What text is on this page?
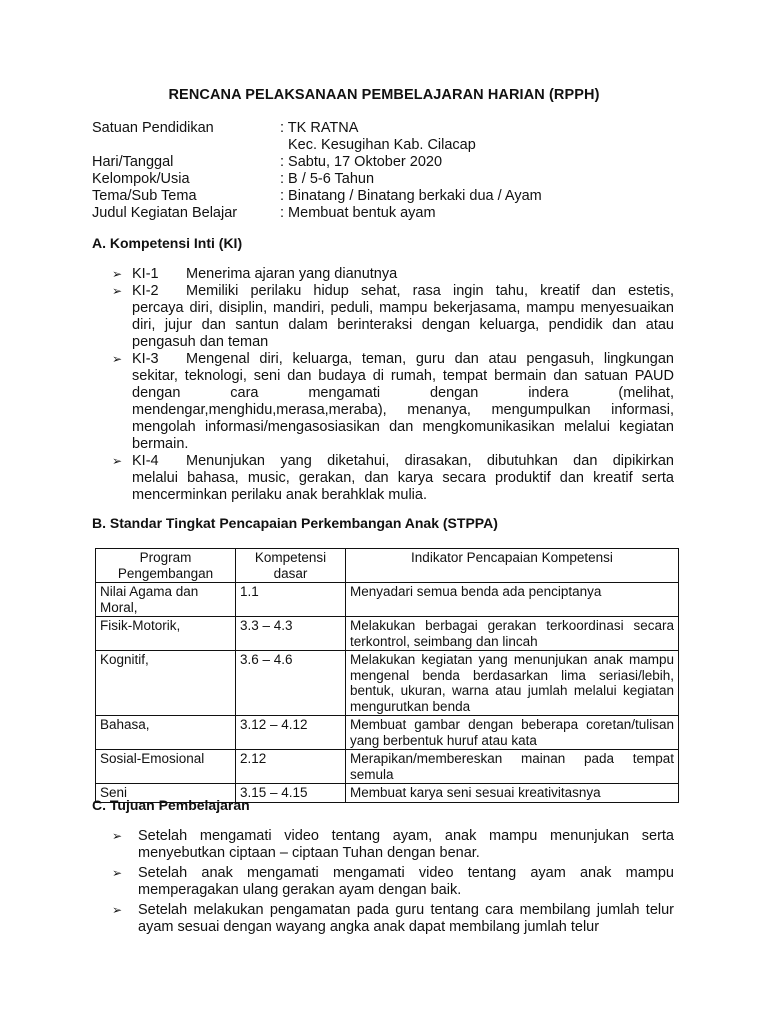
RENCANA PELAKSANAAN PEMBELAJARAN HARIAN (RPPH)
Satuan Pendidikan	: TK RATNA
Kec. Kesugihan Kab. Cilacap
Hari/Tanggal	: Sabtu, 17 Oktober 2020
Kelompok/Usia	: B / 5-6 Tahun
Tema/Sub Tema	: Binatang / Binatang berkaki dua / Ayam
Judul Kegiatan Belajar	: Membuat bentuk ayam
A. Kompetensi Inti (KI)
➢ KI-1	Menerima ajaran yang dianutnya
➢ KI-2	Memiliki perilaku hidup sehat, rasa ingin tahu, kreatif dan estetis,
percaya diri, disiplin, mandiri, peduli, mampu bekerjasama, mampu menyesuaikan diri, jujur dan santun dalam berinteraksi dengan keluarga, pendidik dan atau pengasuh dan teman
➢ KI-3	Mengenal diri, keluarga, teman, guru dan atau pengasuh, lingkungan
sekitar, teknologi, seni dan budaya di rumah, tempat bermain dan satuan PAUD dengan cara mengamati dengan indera (melihat, mendengar,menghidu,merasa,meraba), menanya, mengumpulkan informasi, mengolah informasi/mengasosiasikan dan mengkomunikasikan melalui kegiatan bermain.
➢ KI-4	Menunjukan yang diketahui, dirasakan, dibutuhkan dan dipikirkan
melalui bahasa, music, gerakan, dan karya secara produktif dan kreatif serta mencerminkan perilaku anak berahklak mulia.
B. Standar Tingkat Pencapaian Perkembangan Anak (STPPA)
Program Pengembangan	Kompetensi dasar	Indikator Pencapaian Kompetensi
Nilai Agama dan Moral,	1.1	Menyadari semua benda ada penciptanya
Fisik-Motorik,	3.3 – 4.3	Melakukan berbagai gerakan terkoordinasi secara terkontrol, seimbang dan lincah
Kognitif,	3.6 – 4.6	Melakukan kegiatan yang menunjukan anak mampu mengenal benda berdasarkan lima seriasi/lebih, bentuk, ukuran, warna atau jumlah melalui kegiatan mengurutkan benda
Bahasa,	3.12 – 4.12	Membuat gambar dengan beberapa coretan/tulisan yang berbentuk huruf atau kata
Sosial-Emosional	2.12	Merapikan/membereskan mainan pada tempat semula
Seni	3.15 – 4.15	Membuat karya seni sesuai kreativitasnya
C. Tujuan Pembelajaran
➢ Setelah mengamati video tentang ayam, anak mampu menunjukan serta menyebutkan ciptaan – ciptaan Tuhan dengan benar.
➢ Setelah anak mengamati mengamati video tentang ayam anak mampu memperagakan ulang gerakan ayam dengan baik.
➢ Setelah melakukan pengamatan pada guru tentang cara membilang jumlah telur ayam sesuai dengan wayang angka anak dapat membilang jumlah telur
